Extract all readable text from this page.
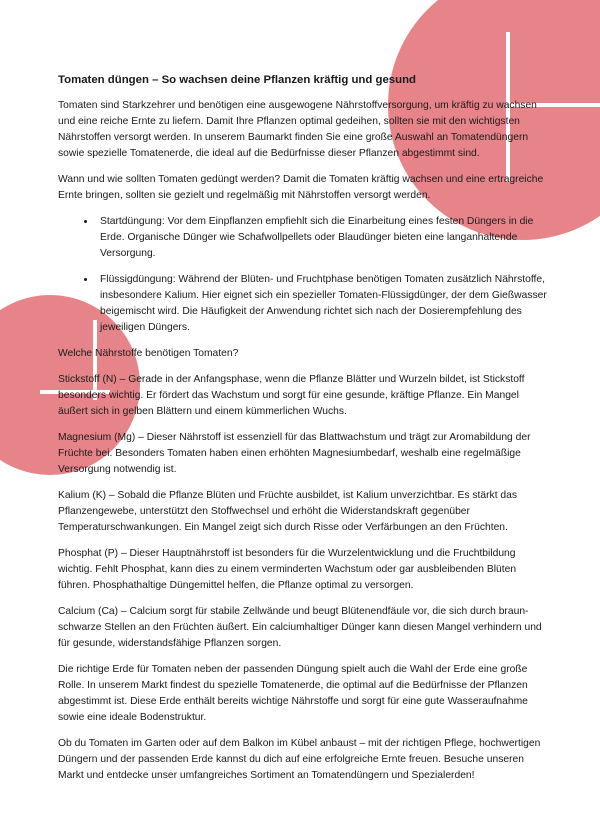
Tomaten düngen – So wachsen deine Pflanzen kräftig und gesund

Tomaten sind Starkzehrer und benötigen eine ausgewogene Nährstoffversorgung, um kräftig zu wachsen und eine reiche Ernte zu liefern. Damit Ihre Pflanzen optimal gedeihen, sollten sie mit den wichtigsten Nährstoffen versorgt werden. In unserem Baumarkt finden Sie eine große Auswahl an Tomatendüngern sowie spezielle Tomatenerde, die ideal auf die Bedürfnisse dieser Pflanzen abgestimmt sind.

Wann und wie sollten Tomaten gedüngt werden? Damit die Tomaten kräftig wachsen und eine ertragreiche Ernte bringen, sollten sie gezielt und regelmäßig mit Nährstoffen versorgt werden.

• Startdüngung: Vor dem Einpflanzen empfiehlt sich die Einarbeitung eines festen Düngers in die Erde. Organische Dünger wie Schafwollpellets oder Blaudünger bieten eine langanhaltende Versorgung.
• Flüssigdüngung: Während der Blüten- und Fruchtphase benötigen Tomaten zusätzlich Nährstoffe, insbesondere Kalium. Hier eignet sich ein spezieller Tomaten-Flüssigdünger, der dem Gießwasser beigemischt wird. Die Häufigkeit der Anwendung richtet sich nach der Dosierempfehlung des jeweiligen Düngers.

Welche Nährstoffe benötigen Tomaten?

Stickstoff (N) – Gerade in der Anfangsphase, wenn die Pflanze Blätter und Wurzeln bildet, ist Stickstoff besonders wichtig. Er fördert das Wachstum und sorgt für eine gesunde, kräftige Pflanze. Ein Mangel äußert sich in gelben Blättern und einem kümmerlichen Wuchs.

Magnesium (Mg) – Dieser Nährstoff ist essenziell für das Blattwachstum und trägt zur Aromabildung der Früchte bei. Besonders Tomaten haben einen erhöhten Magnesiumbedarf, weshalb eine regelmäßige Versorgung notwendig ist.

Kalium (K) – Sobald die Pflanze Blüten und Früchte ausbildet, ist Kalium unverzichtbar. Es stärkt das Pflanzengewebe, unterstützt den Stoffwechsel und erhöht die Widerstandskraft gegenüber Temperaturschwankungen. Ein Mangel zeigt sich durch Risse oder Verfärbungen an den Früchten.

Phosphat (P) – Dieser Hauptnährstoff ist besonders für die Wurzelentwicklung und die Fruchtbildung wichtig. Fehlt Phosphat, kann dies zu einem verminderten Wachstum oder gar ausbleibenden Blüten führen. Phosphathaltige Düngemittel helfen, die Pflanze optimal zu versorgen.

Calcium (Ca) – Calcium sorgt für stabile Zellwände und beugt Blütenendfäule vor, die sich durch braun-schwarze Stellen an den Früchten äußert. Ein calciumhaltiger Dünger kann diesen Mangel verhindern und für gesunde, widerstandsfähige Pflanzen sorgen.

Die richtige Erde für Tomaten neben der passenden Düngung spielt auch die Wahl der Erde eine große Rolle. In unserem Markt findest du spezielle Tomatenerde, die optimal auf die Bedürfnisse der Pflanzen abgestimmt ist. Diese Erde enthält bereits wichtige Nährstoffe und sorgt für eine gute Wasseraufnahme sowie eine ideale Bodenstruktur.

Ob du Tomaten im Garten oder auf dem Balkon im Kübel anbaust – mit der richtigen Pflege, hochwertigen Düngern und der passenden Erde kannst du dich auf eine erfolgreiche Ernte freuen. Besuche unseren Markt und entdecke unser umfangreiches Sortiment an Tomatendüngern und Spezialerden!
